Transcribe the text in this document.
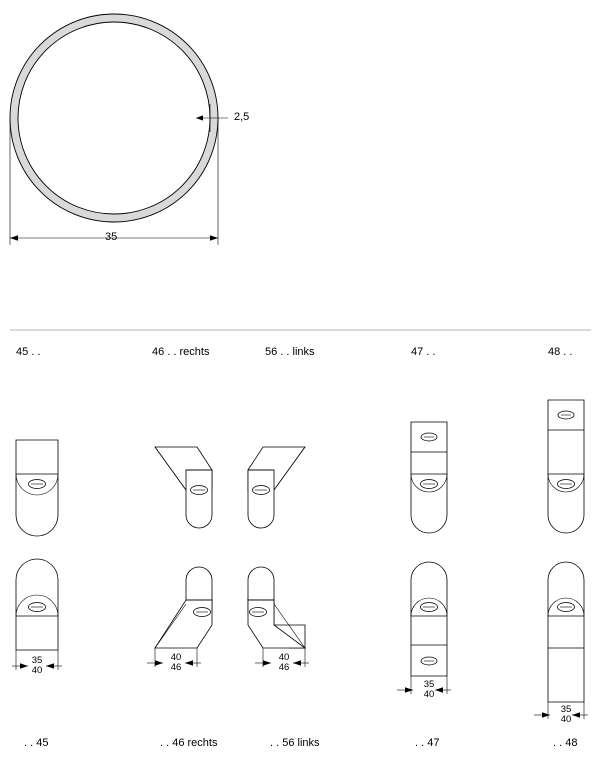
2,5
35
45 . .	46 . . rechts	56 . . links	47 . .	48 . .
35
40
40
46
40
46
35
40
35
40
. . 45	. . 46 rechts	. . 56 links	. . 47	. . 48
